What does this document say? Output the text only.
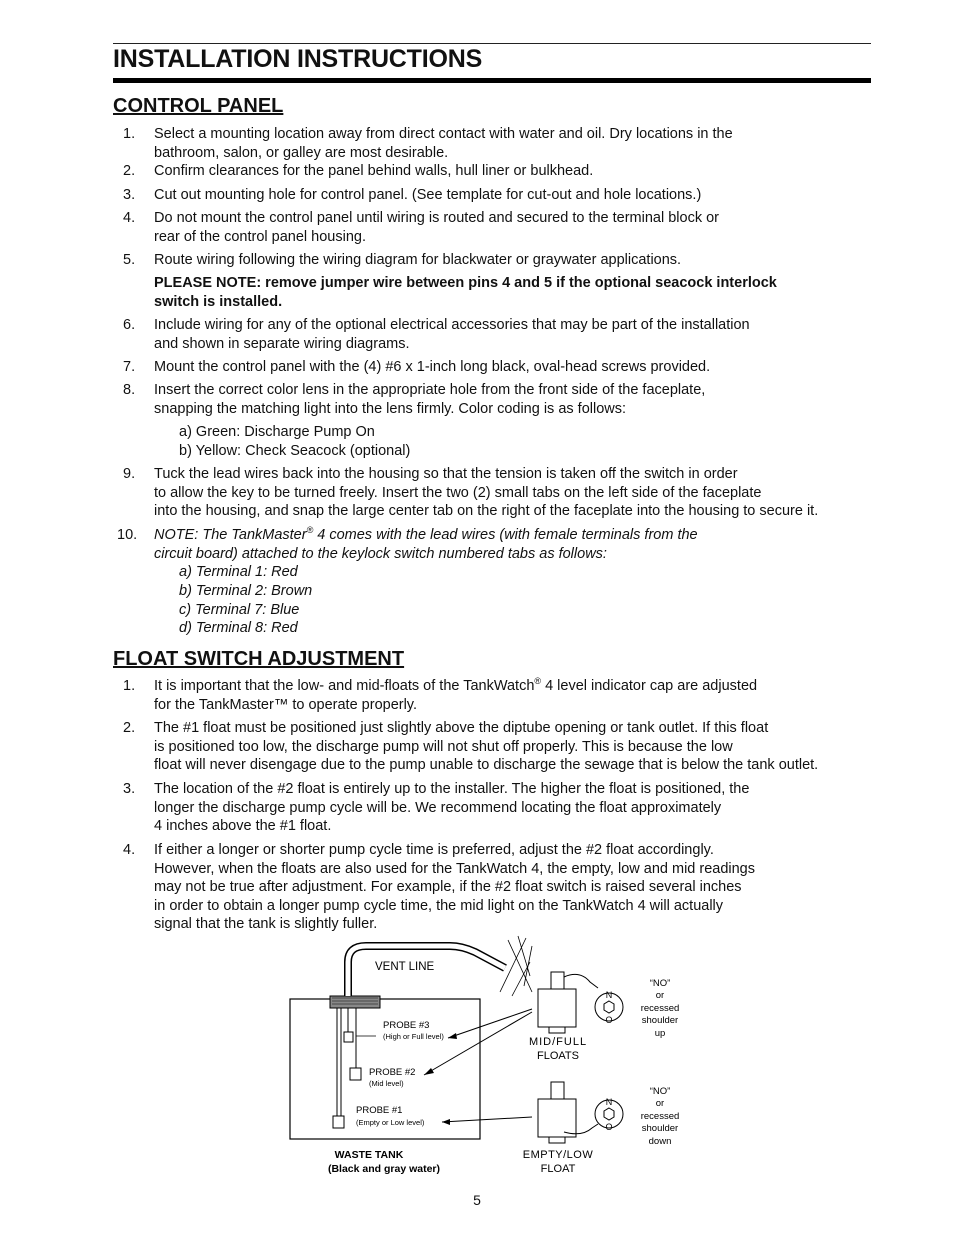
INSTALLATION INSTRUCTIONS
CONTROL PANEL
1.	Select a mounting location away from direct contact with water and oil. Dry locations in the
bathroom, salon, or galley are most desirable.
2.	Confirm clearances for the panel behind walls, hull liner or bulkhead.
3.	Cut out mounting hole for control panel. (See template for cut-out and hole locations.)
4.	Do not mount the control panel until wiring is routed and secured to the terminal block or
rear of the control panel housing.
5.	Route wiring following the wiring diagram for blackwater or graywater applications.
PLEASE NOTE: remove jumper wire between pins 4 and 5 if the optional seacock interlock
switch is installed.
6.	Include wiring for any of the optional electrical accessories that may be part of the installation
and shown in separate wiring diagrams.
7.	Mount the control panel with the (4) #6 x 1-inch long black, oval-head screws provided.
8.	Insert the correct color lens in the appropriate hole from the front side of the faceplate,
snapping the matching light into the lens firmly. Color coding is as follows:
9.	Tuck the lead wires back into the housing so that the tension is taken off the switch in order
to allow the key to be turned freely. Insert the two (2) small tabs on the left side of the faceplate
into the housing, and snap the large center tab on the right of the faceplate into the housing to secure it.
a) Green: Discharge Pump On
b) Yellow: Check Seacock (optional)
10.	NOTE: The TankMaster® 4 comes with the lead wires (with female terminals from the
circuit board) attached to the keylock switch numbered tabs as follows:
a) Terminal 1: Red
b) Terminal 2: Brown
c) Terminal 7: Blue
d) Terminal 8: Red
FLOAT SWITCH ADJUSTMENT
1.	It is important that the low- and mid-floats of the TankWatch® 4 level indicator cap are adjusted
for the TankMaster™ to operate properly.
2.	The #1 float must be positioned just slightly above the diptube opening or tank outlet. If this float
is positioned too low, the discharge pump will not shut off properly. This is because the low
float will never disengage due to the pump unable to discharge the sewage that is below the tank outlet.
3.	The location of the #2 float is entirely up to the installer. The higher the float is positioned, the
longer the discharge pump cycle will be. We recommend locating the float approximately
4 inches above the #1 float.
4.	If either a longer or shorter pump cycle time is preferred, adjust the #2 float accordingly.
However, when the floats are also used for the TankWatch 4, the empty, low and mid readings
may not be true after adjustment. For example, if the #2 float switch is raised several inches
in order to obtain a longer pump cycle time, the mid light on the TankWatch 4 will actually
signal that the tank is slightly fuller.
VENT LINE
PROBE #3
(High or Full level)
PROBE #2
(Mid level)
PROBE #1
(Empty or Low level)
WASTE TANK
(Black and gray water)
N
O
MID/FULL
FLOATS
N
O
EMPTY/LOW
FLOAT
“NO”
or
recessed
shoulder
up
“NO”
or
recessed
shoulder
down
5
